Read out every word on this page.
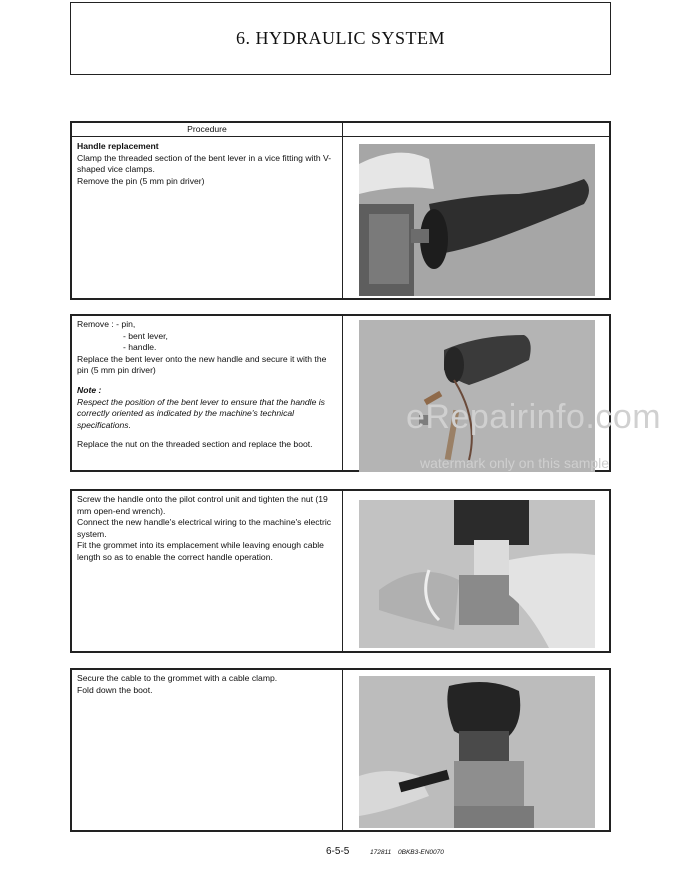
6. HYDRAULIC SYSTEM
Procedure

Handle replacement

Clamp the threaded section of the bent lever in a vice fitting with V-shaped vice clamps.

Remove the pin (5 mm pin driver)

Remove : - pin,

- bent lever,

- handle.

Replace the bent lever onto the new handle and secure it with the pin (5 mm pin driver)

Note :

Respect the position of the bent lever to ensure that the handle is correctly oriented as indicated by the machine's technical specifications.

Replace the nut on the threaded section and replace the boot.

eRepairinfo.com
watermark only on this sample

Screw the handle onto the pilot control unit and tighten the nut (19 mm open-end wrench).

Connect the new handle's electrical wiring to the machine's electric system.

Fit the grommet into its emplacement while leaving enough cable length so as to enable the correct handle operation.

Secure the cable to the grommet with a cable clamp.

Fold down the boot.

6-5-5	172811 0BKB3-EN0070
